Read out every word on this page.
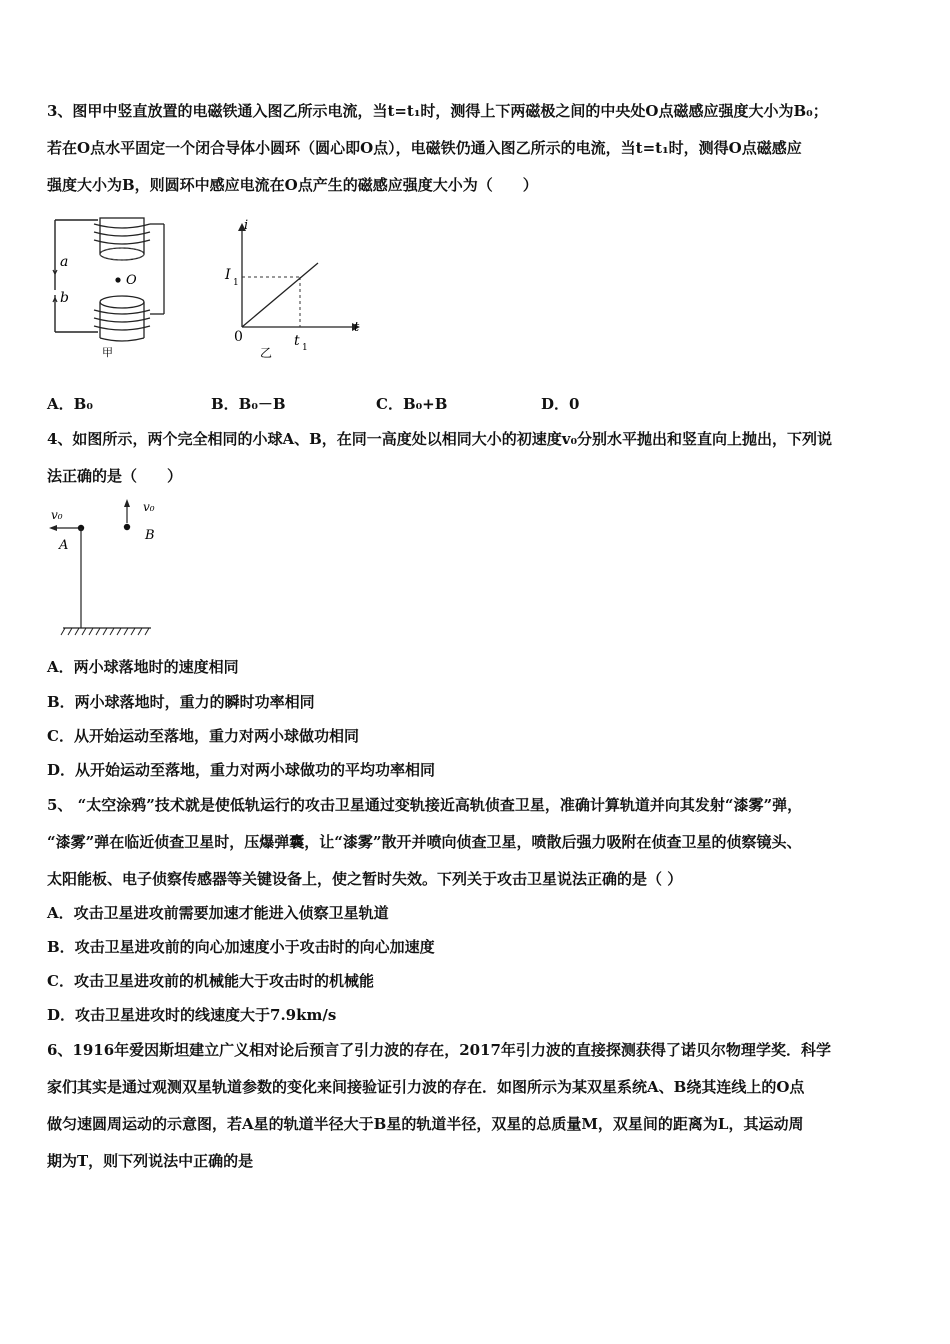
3、图甲中竖直放置的电磁铁通入图乙所示电流，当t=t₁时，测得上下两磁极之间的中央处O点磁感应强度大小为B₀；
若在O点水平固定一个闭合导体小圆环（圆心即O点），电磁铁仍通入图乙所示的电流，当t=t₁时，测得O点磁感应
强度大小为B，则圆环中感应电流在O点产生的磁感应强度大小为（　　）
O
a
b
甲
i
t
I 1
0	t 1
乙
A．B₀	B．B₀－B	C．B₀+B	D．0
4、如图所示，两个完全相同的小球A、B，在同一高度处以相同大小的初速度v₀分别水平抛出和竖直向上抛出，下列说
法正确的是（　　）
v₀
A
v₀
B
A．两小球落地时的速度相同
B．两小球落地时，重力的瞬时功率相同
C．从开始运动至落地，重力对两小球做功相同
D．从开始运动至落地，重力对两小球做功的平均功率相同
5、 “太空涂鸦”技术就是使低轨运行的攻击卫星通过变轨接近高轨侦查卫星，准确计算轨道并向其发射“漆雾”弹，
“漆雾”弹在临近侦查卫星时，压爆弹囊，让“漆雾”散开并喷向侦查卫星，喷散后强力吸附在侦查卫星的侦察镜头、
太阳能板、电子侦察传感器等关键设备上，使之暂时失效。下列关于攻击卫星说法正确的是（ ）
A．攻击卫星进攻前需要加速才能进入侦察卫星轨道
B．攻击卫星进攻前的向心加速度小于攻击时的向心加速度
C．攻击卫星进攻前的机械能大于攻击时的机械能
D．攻击卫星进攻时的线速度大于7.9km/s
6、1916年爱因斯坦建立广义相对论后预言了引力波的存在，2017年引力波的直接探测获得了诺贝尔物理学奖．科学
家们其实是通过观测双星轨道参数的变化来间接验证引力波的存在．如图所示为某双星系统A、B绕其连线上的O点
做匀速圆周运动的示意图，若A星的轨道半径大于B星的轨道半径，双星的总质量M，双星间的距离为L，其运动周
期为T，则下列说法中正确的是
